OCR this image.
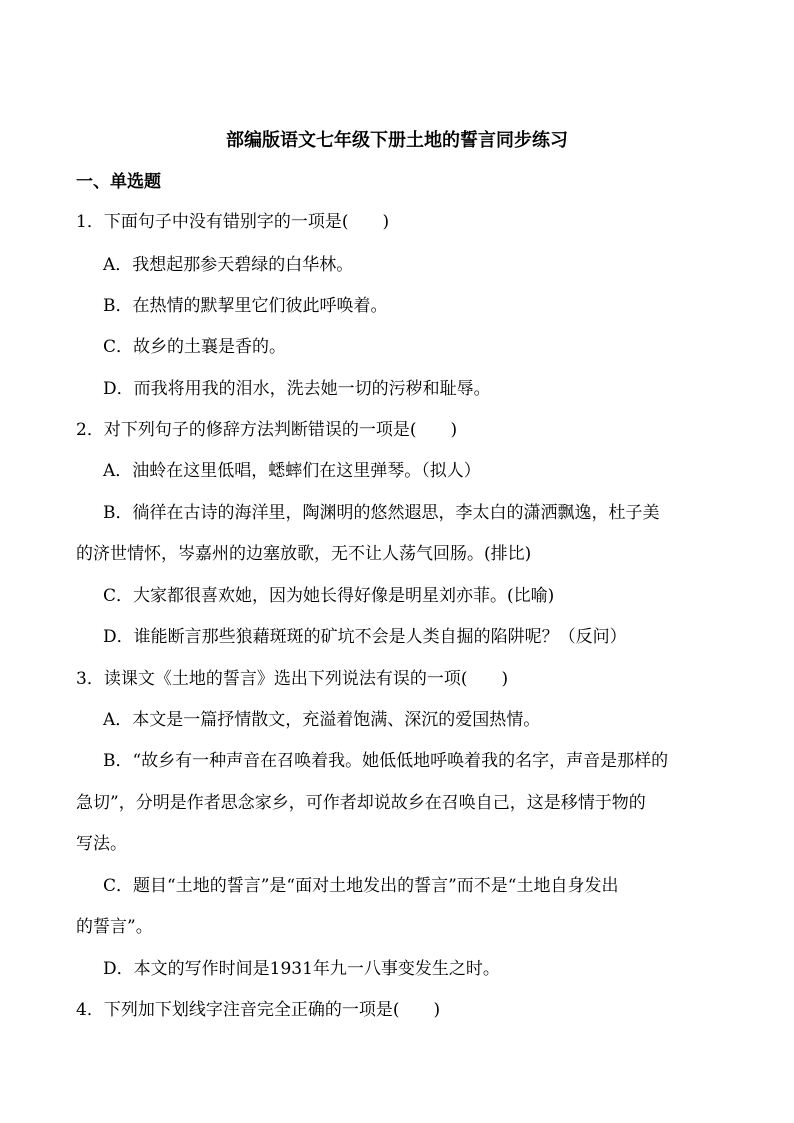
部编版语文七年级下册土地的誓言同步练习
一、单选题
1．下面句子中没有错别字的一项是(　　)
A．我想起那参天碧绿的白华林。
B．在热情的默挈里它们彼此呼唤着。
C．故乡的土襄是香的。
D．而我将用我的泪水，洗去她一切的污秽和耻辱。
2．对下列句子的修辞方法判断错误的一项是(　　)
A．油蛉在这里低唱，蟋蟀们在这里弹琴。（拟人）
B．徜徉在古诗的海洋里，陶渊明的悠然遐思，李太白的潇洒飘逸，杜子美
的济世情怀，岑嘉州的边塞放歌，无不让人荡气回肠。(排比)
C．大家都很喜欢她，因为她长得好像是明星刘亦菲。(比喻)
D．谁能断言那些狼藉斑斑的矿坑不会是人类自掘的陷阱呢？（反问）
3．读课文《土地的誓言》选出下列说法有误的一项(　　)
A．本文是一篇抒情散文，充溢着饱满、深沉的爱国热情。
B．“故乡有一种声音在召唤着我。她低低地呼唤着我的名字，声音是那样的
急切”，分明是作者思念家乡，可作者却说故乡在召唤自己，这是移情于物的
写法。
C．题目“土地的誓言”是“面对土地发出的誓言”而不是“土地自身发出
的誓言”。
D．本文的写作时间是1931年九一八事变发生之时。
4．下列加下划线字注音完全正确的一项是(　　)
